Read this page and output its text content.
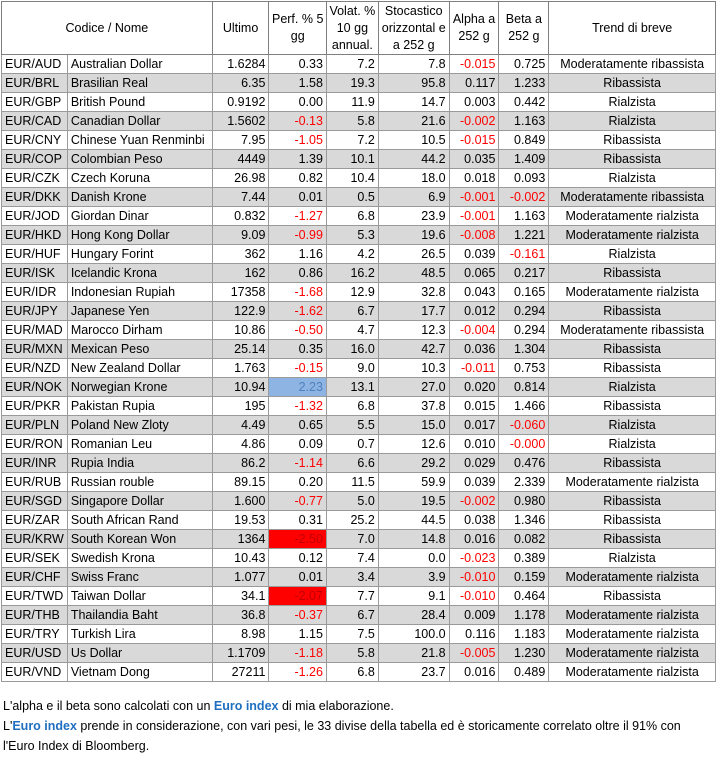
Codice / Nome		Ultimo	Perf. % 5 gg	Volat. % 10 gg annual.	Stocastico orizzontal e a 252 g	Alpha a 252 g	Beta a 252 g	Trend di breve
EUR/AUD	Australian Dollar	1.6284	0.33	7.2	7.8	-0.015	0.725	Moderatamente ribassista
EUR/BRL	Brasilian Real	6.35	1.58	19.3	95.8	0.117	1.233	Ribassista
EUR/GBP	British Pound	0.9192	0.00	11.9	14.7	0.003	0.442	Rialzista
EUR/CAD	Canadian Dollar	1.5602	-0.13	5.8	21.6	-0.002	1.163	Rialzista
EUR/CNY	Chinese Yuan Renminbi	7.95	-1.05	7.2	10.5	-0.015	0.849	Ribassista
EUR/COP	Colombian Peso	4449	1.39	10.1	44.2	0.035	1.409	Ribassista
EUR/CZK	Czech Koruna	26.98	0.82	10.4	18.0	0.018	0.093	Rialzista
EUR/DKK	Danish Krone	7.44	0.01	0.5	6.9	-0.001	-0.002	Moderatamente ribassista
EUR/JOD	Giordan Dinar	0.832	-1.27	6.8	23.9	-0.001	1.163	Moderatamente rialzista
EUR/HKD	Hong Kong Dollar	9.09	-0.99	5.3	19.6	-0.008	1.221	Moderatamente rialzista
EUR/HUF	Hungary Forint	362	1.16	4.2	26.5	0.039	-0.161	Rialzista
EUR/ISK	Icelandic Krona	162	0.86	16.2	48.5	0.065	0.217	Ribassista
EUR/IDR	Indonesian Rupiah	17358	-1.68	12.9	32.8	0.043	0.165	Moderatamente rialzista
EUR/JPY	Japanese Yen	122.9	-1.62	6.7	17.7	0.012	0.294	Ribassista
EUR/MAD	Marocco Dirham	10.86	-0.50	4.7	12.3	-0.004	0.294	Moderatamente ribassista
EUR/MXN	Mexican Peso	25.14	0.35	16.0	42.7	0.036	1.304	Ribassista
EUR/NZD	New Zealand Dollar	1.763	-0.15	9.0	10.3	-0.011	0.753	Ribassista
EUR/NOK	Norwegian Krone	10.94	2.23	13.1	27.0	0.020	0.814	Rialzista
EUR/PKR	Pakistan Rupia	195	-1.32	6.8	37.8	0.015	1.466	Ribassista
EUR/PLN	Poland New Zloty	4.49	0.65	5.5	15.0	0.017	-0.060	Rialzista
EUR/RON	Romanian Leu	4.86	0.09	0.7	12.6	0.010	-0.000	Rialzista
EUR/INR	Rupia India	86.2	-1.14	6.6	29.2	0.029	0.476	Ribassista
EUR/RUB	Russian rouble	89.15	0.20	11.5	59.9	0.039	2.339	Moderatamente rialzista
EUR/SGD	Singapore Dollar	1.600	-0.77	5.0	19.5	-0.002	0.980	Ribassista
EUR/ZAR	South African Rand	19.53	0.31	25.2	44.5	0.038	1.346	Ribassista
EUR/KRW	South Korean Won	1364	-2.50	7.0	14.8	0.016	0.082	Ribassista
EUR/SEK	Swedish Krona	10.43	0.12	7.4	0.0	-0.023	0.389	Rialzista
EUR/CHF	Swiss Franc	1.077	0.01	3.4	3.9	-0.010	0.159	Moderatamente rialzista
EUR/TWD	Taiwan Dollar	34.1	-2.07	7.7	9.1	-0.010	0.464	Ribassista
EUR/THB	Thailandia Baht	36.8	-0.37	6.7	28.4	0.009	1.178	Moderatamente rialzista
EUR/TRY	Turkish Lira	8.98	1.15	7.5	100.0	0.116	1.183	Moderatamente rialzista
EUR/USD	Us Dollar	1.1709	-1.18	5.8	21.8	-0.005	1.230	Moderatamente rialzista
EUR/VND	Vietnam Dong	27211	-1.26	6.8	23.7	0.016	0.489	Moderatamente rialzista

L'alpha e il beta sono calcolati con un Euro index di mia elaborazione.

L'Euro index prende in considerazione, con vari pesi, le 33 divise della tabella ed è storicamente correlato oltre il 91% con l'Euro Index di Bloomberg.
